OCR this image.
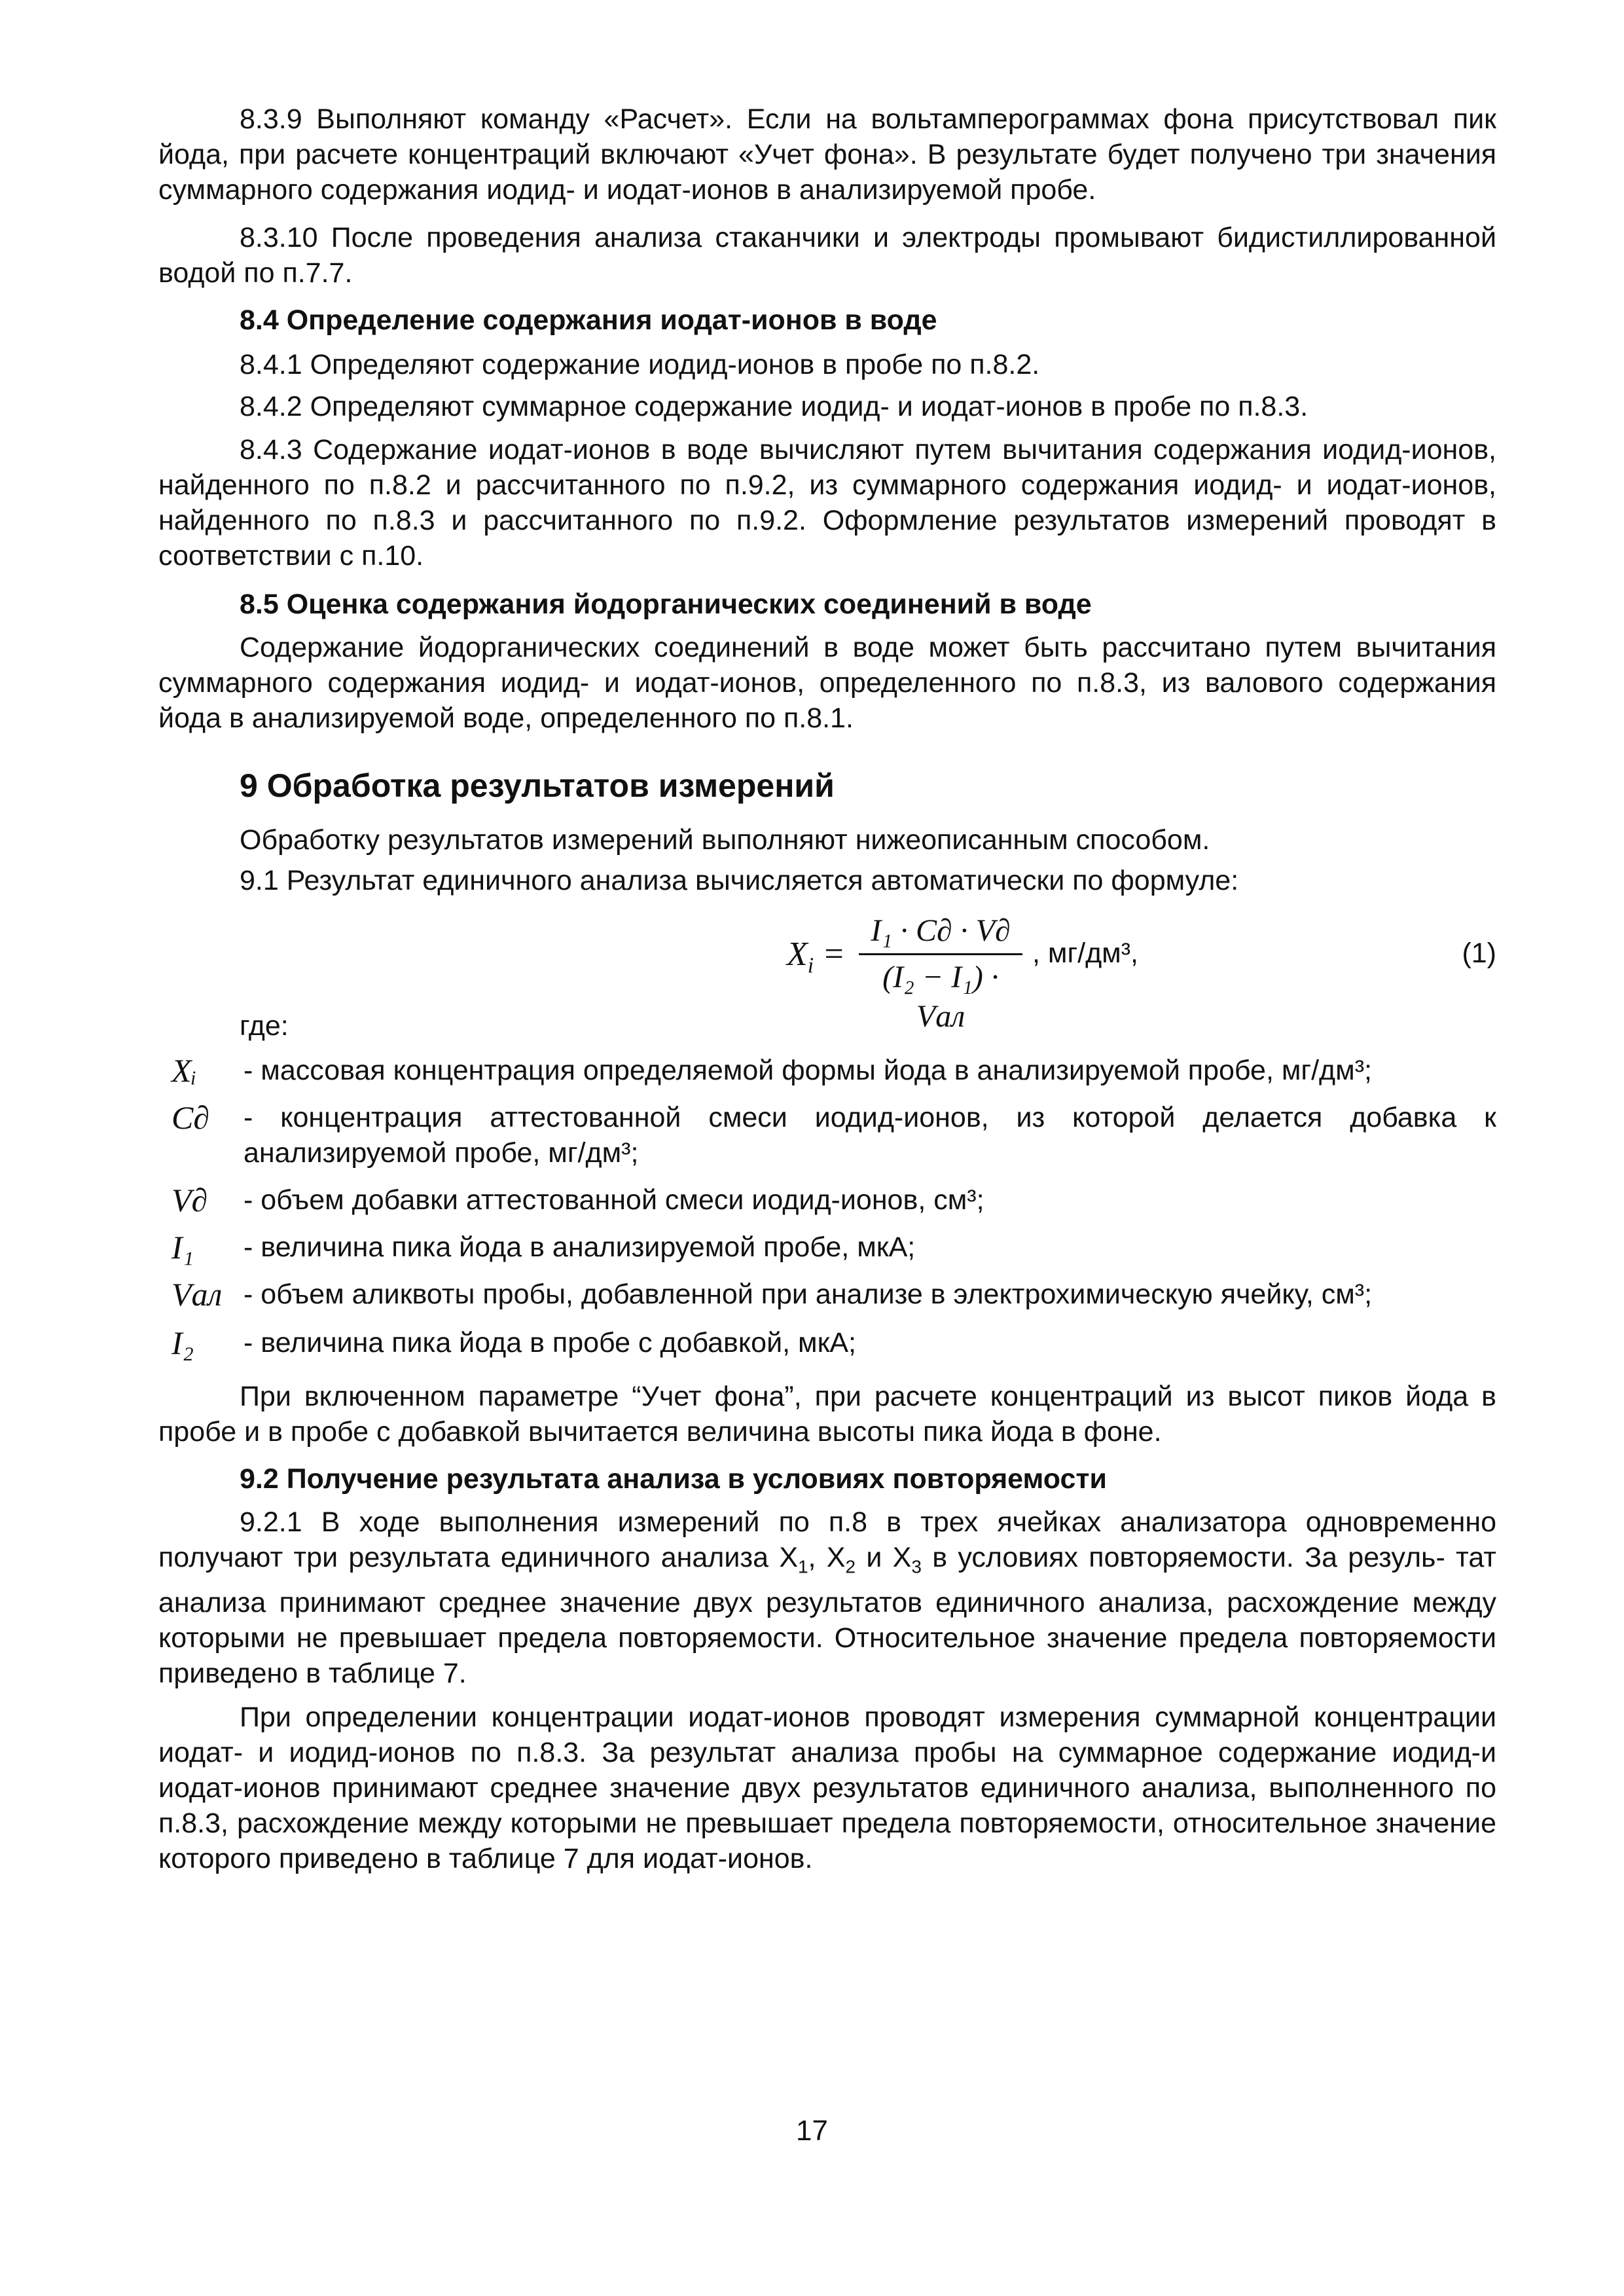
8.3.9 Выполняют команду «Расчет». Если на вольтамперограммах фона присутствовал пик йода, при расчете концентраций включают «Учет фона». В результате будет получено три значения суммарного содержания иодид- и иодат-ионов в анализируемой пробе.

8.3.10 После проведения анализа стаканчики и электроды промывают бидистиллированной водой по п.7.7.

8.4 Определение содержания иодат-ионов в воде

8.4.1 Определяют содержание иодид-ионов в пробе по п.8.2.

8.4.2 Определяют суммарное содержание иодид- и иодат-ионов в пробе по п.8.3.

8.4.3 Содержание иодат-ионов в воде вычисляют путем вычитания содержания иодид-ионов, найденного по п.8.2 и рассчитанного по п.9.2, из суммарного содержания иодид- и иодат-ионов, найденного по п.8.3 и рассчитанного по п.9.2. Оформление результатов измерений проводят в соответствии с п.10.

8.5 Оценка содержания йодорганических соединений в воде

Содержание йодорганических соединений в воде может быть рассчитано путем вычитания суммарного содержания иодид- и иодат-ионов, определенного по п.8.3, из валового содержания йода в анализируемой воде, определенного по п.8.1.

9 Обработка результатов измерений

Обработку результатов измерений выполняют нижеописанным способом.

9.1 Результат единичного анализа вычисляется автоматически по формуле:

$X_i$ =
I₁ · C∂ · V∂
(I₂ − I₁) · Vал
, мг/дм³,	(1)

где:

Xᵢ	- массовая концентрация определяемой формы йода в анализируемой пробе, мг/дм³;
C∂	- концентрация аттестованной смеси иодид-ионов, из которой делается добавка к анализируемой пробе, мг/дм³;
V∂	- объем добавки аттестованной смеси иодид-ионов, см³;
I₁	- величина пика йода в анализируемой пробе, мкА;
Vал - объем аликвоты пробы, добавленной при анализе в электрохимическую ячейку, см³;
I₂	- величина пика йода в пробе с добавкой, мкА;

При включенном параметре “Учет фона”, при расчете концентраций из высот пиков йода в пробе и в пробе с добавкой вычитается величина высоты пика йода в фоне.

9.2 Получение результата анализа в условиях повторяемости

9.2.1 В ходе выполнения измерений по п.8 в трех ячейках анализатора одновременно получают три результата единичного анализа $X_1$, $X_2$ и $X_3$ в условиях повторяемости. За резуль- тат анализа принимают среднее значение двух результатов единичного анализа, расхождение между которыми не превышает предела повторяемости. Относительное значение предела повторяемости приведено в таблице 7.

При определении концентрации иодат-ионов проводят измерения суммарной концентрации иодат- и иодид-ионов по п.8.3. За результат анализа пробы на суммарное содержание иодид-и иодат-ионов принимают среднее значение двух результатов единичного анализа, выполненного по п.8.3, расхождение между которыми не превышает предела повторяемости, относительное значение которого приведено в таблице 7 для иодат-ионов.

17
